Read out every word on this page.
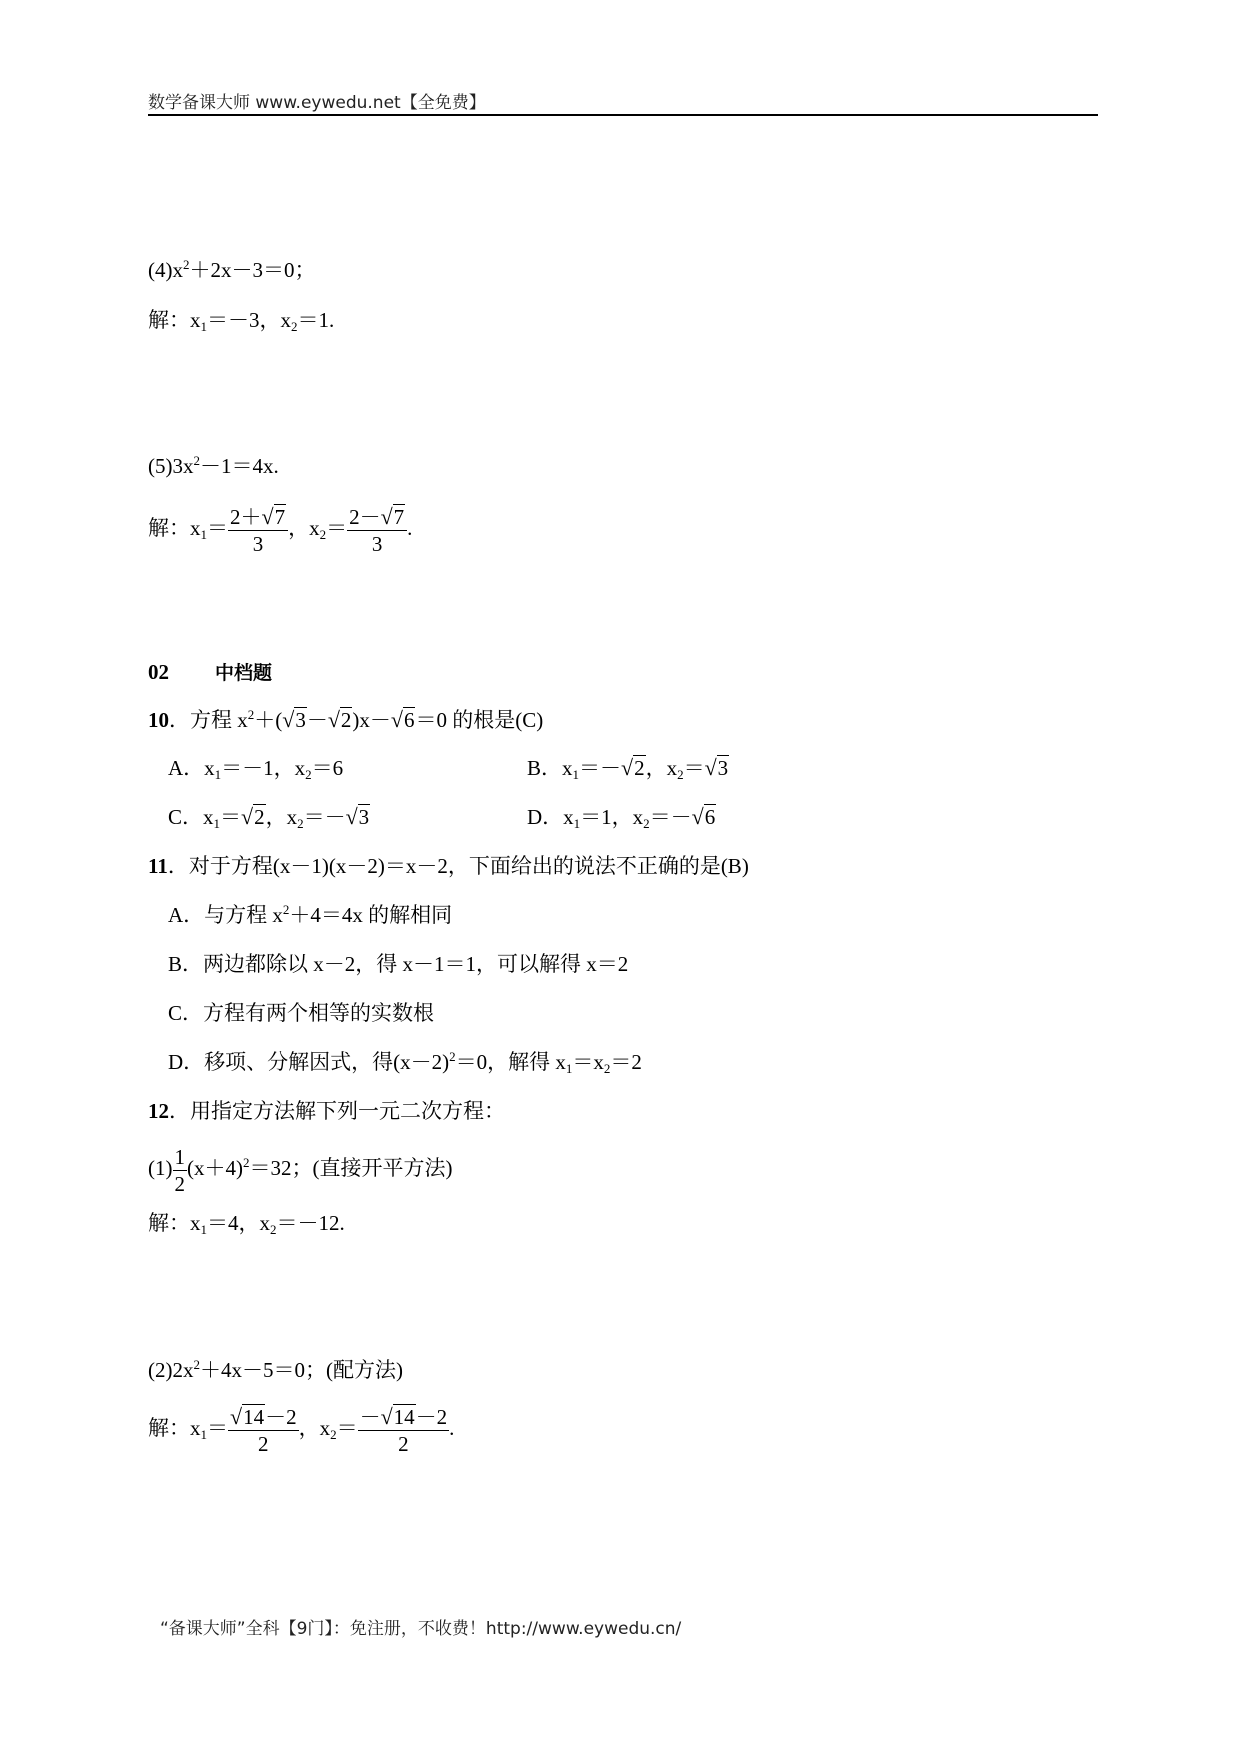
数学备课大师 www.eywedu.net【全免费】
$(4)x^2+2x-3=0$；
解：$x_1=-3$，$x_2=1$.
$(5)3x^2-1=4x$.
解：$x_1= \frac{2+√7}{3}$ ，$x_2= \frac{2-√7}{3}$ .
02 中档题
10．方程 $x^2+(√3-√2)x-√6=0$ 的根是(C)
A．$x_1=-1$，$x_2=6$	B．$x_1=-√2$，$x_2=√3$
C．$x_1=√2$，$x_2=-√3$	D．$x_1=1$，$x_2=-√6$
11．对于方程(x－1)(x－2)＝x－2，下面给出的说法不正确的是(B)
A．与方程 $x^2+4=4x$ 的解相同
B．两边都除以 x－2，得 x－1＝1，可以解得 x＝2
C．方程有两个相等的实数根
D．移项、分解因式，得$(x-2)^2=0$，解得 $x_1=x_2=2$
12．用指定方法解下列一元二次方程：
$(1) \frac{1}{2} (x+4)^2=32$；(直接开平方法)
解：$x_1=4$，$x_2=-12$.
$(2)2x^2+4x-5=0$；(配方法)
解：$x_1= \frac{√14-2}{2}$ ，$x_2= \frac{-√14-2}{2}$ .
“备课大师”全科【9门】：免注册，不收费！http://www.eywedu.cn/
